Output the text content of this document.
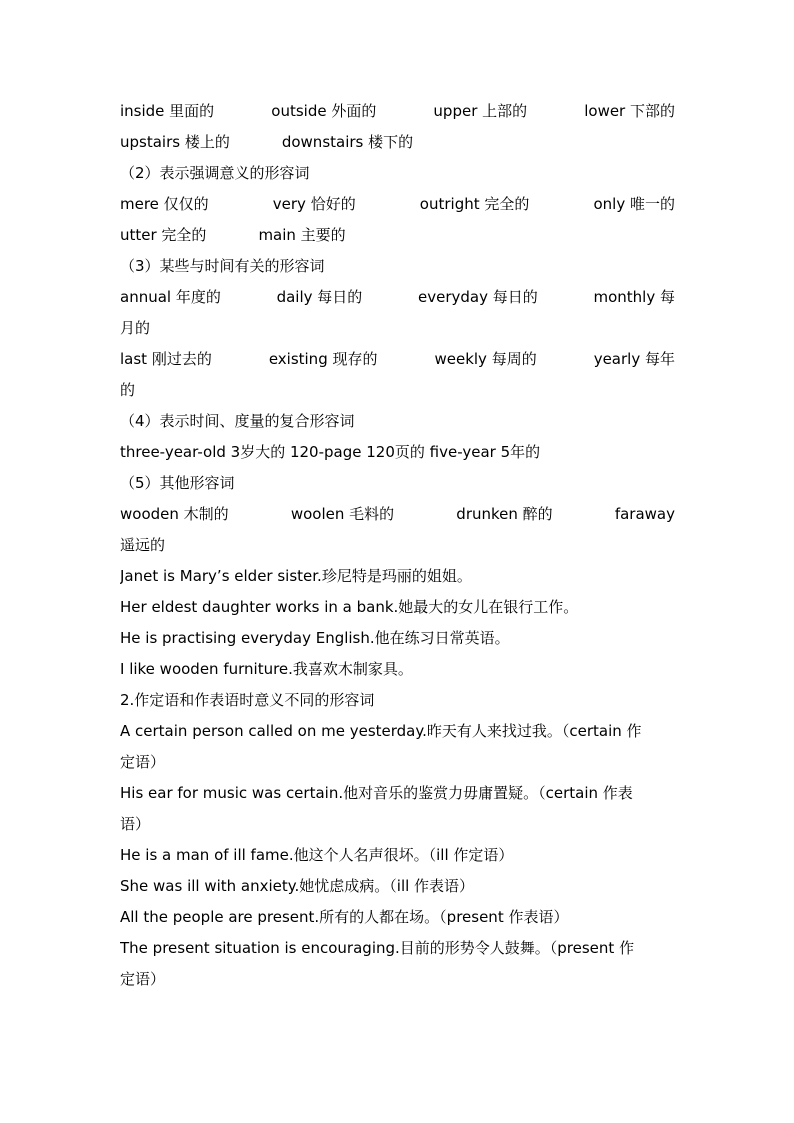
inside 里面的	outside 外面的	upper 上部的	lower 下部的
upstairs 楼上的	downstairs 楼下的
（2）表示强调意义的形容词
mere 仅仅的	very 恰好的	outright 完全的	only 唯一的
utter 完全的	main 主要的
（3）某些与时间有关的形容词
annual 年度的	daily 每日的	everyday 每日的	monthly 每
月的
last 刚过去的	existing 现存的	weekly 每周的	yearly 每年
的
（4）表示时间、度量的复合形容词
three-year-old 3岁大的 120-page 120页的 five-year 5年的
（5）其他形容词
wooden 木制的	woolen 毛料的	drunken 醉的	faraway
遥远的
Janet is Mary’s elder sister.珍尼特是玛丽的姐姐。
Her eldest daughter works in a bank.她最大的女儿在银行工作。
He is practising everyday English.他在练习日常英语。
I like wooden furniture.我喜欢木制家具。
2.作定语和作表语时意义不同的形容词
A certain person called on me yesterday.昨天有人来找过我。（certain 作
定语）
His ear for music was certain.他对音乐的鉴赏力毋庸置疑。（certain 作表
语）
He is a man of ill fame.他这个人名声很坏。（ill 作定语）
She was ill with anxiety.她忧虑成病。（ill 作表语）
All the people are present.所有的人都在场。（present 作表语）
The present situation is encouraging.目前的形势令人鼓舞。（present 作
定语）
